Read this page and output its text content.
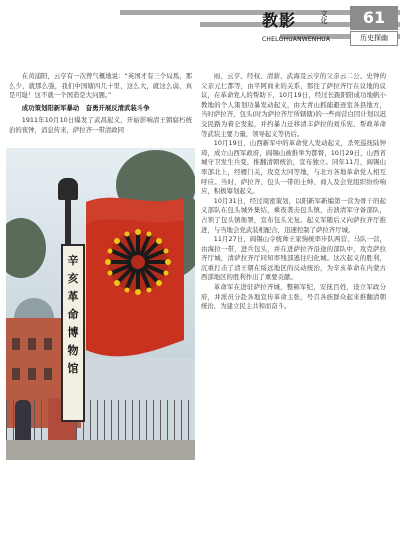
教影	文化
CHELGHUANWENHUA
61
历史探幽

在黄浦阳，云亨有一次曾气概地说：“英国才有三个局馬，那么少，就那么强，我们中国辖四几十里，这么大，就这么弱，真是可耻！这不就一个国造是大问题。”

成功策划阳新军暴动　奋勇开展反清武装斗争

1911年10月10日爆发了武昌起义，开始影响清王朝腐朽统治的夜钟，消息传来，萨拉齐一带清政同

辛亥革命博物馆

雨、云亨、经权、清薪、武海及云亨的父亲云二公、史钟的父亲元仁都等，由平阿商业的关系，那往了萨拉齐厅在议地的议议，在革命党人的帮助下，10月19日，经过长跪阳阳成功地帆小教地的个人策划功暴发动起义，由大青山抓捕避迹室各县地方，当时萨拉齐，包头(时为萨拉齐厅所辖辖)的一些商营白因计划以迟交民路为着仑发起，并约暴力迁移清丰萨拉的刘乐宪、帮政革命等武装主要力量，领导起义等仍后。

10月19日，山西新军中的革命党人发动起义，杀死巡抚陆钟琦，成立山西军政府，阎锡山被推举为都督，10月29日，山西省城守卫发生兵变，推翻清朝统治，宣布独立。同年11月，阎锡山率部北上，经雁门关，攻克大同等地，与北方各地革命党人相互呼应。当时，萨拉齐、包头一带的士绅、商人及会党组织纷纷响应，积极筹划起义。

10月31日，经过周密策划，以阳新军新编第一营为骨干的起义部队在包头城外集结，乘夜袭击包头镇，击溃清军守备部队，占领了包头镇衙署，宣布包头光复。起义军随后又向萨拉齐厅推进，与当地会党武装相配合，迅速控制了萨拉齐厅城。

11月27日，阎锡山令统帅王家驹统率步队两营、马队一营，由海拉一带，进兵包头，并在进萨拉齐沿途的部队中，攻克萨拉齐厅城，清萨拉齐厅同知率残部逃往归化城。这次起义的胜利，沉重打击了清王朝在绥远地区的反动统治，为辛亥革命在内蒙古西部地区的胜利作出了重要贡献。

革命军在进驻萨拉齐城，整顿军纪，安抚百姓，设立军政分府，并派员分赴各地宣传革命主张，号召各族群众起来推翻清朝统治，为建立民主共和而奋斗。
